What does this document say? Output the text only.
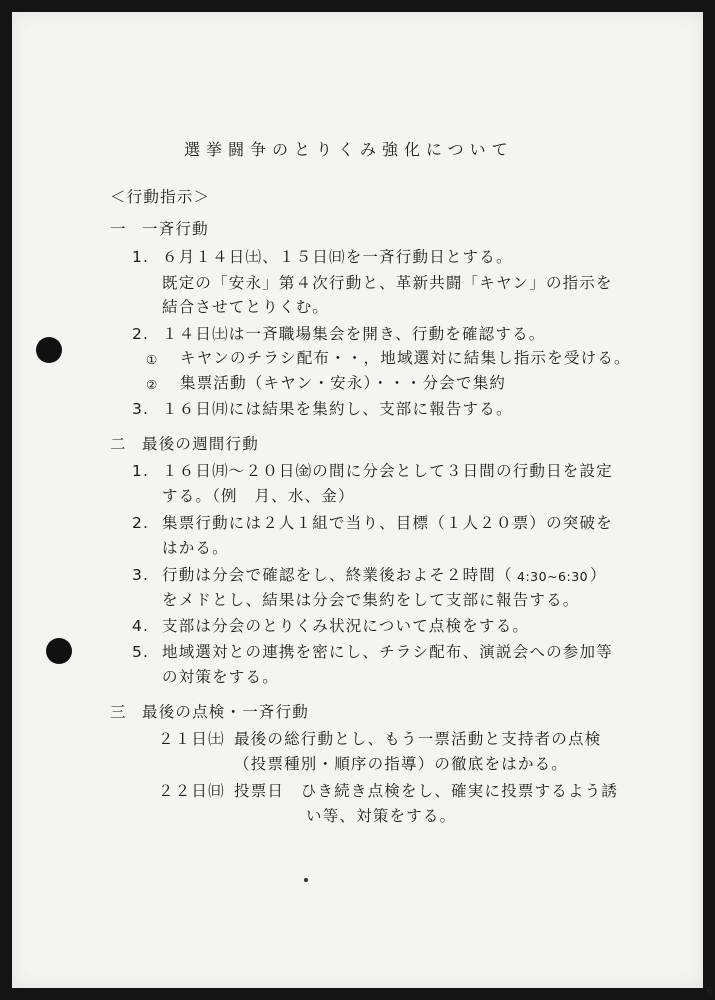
選挙闘争のとりくみ強化について
＜行動指示＞
一 一斉行動
1. ６月１４日㈯、１５日㈰を一斉行動日とする。
既定の「安永」第４次行動と、革新共闘「キヤン」の指示を
結合させてとりくむ。
2. １４日㈯は一斉職場集会を開き、行動を確認する。
① キヤンのチラシ配布・・，地域選対に結集し指示を受ける。
② 集票活動（キヤン・安永）・・・分会で集約
3. １６日㈪には結果を集約し、支部に報告する。
二 最後の週間行動
1. １６日㈪～２０日㈮の間に分会として３日間の行動日を設定
する。（例　月、水、金）
2. 集票行動には２人１組で当り、目標（１人２０票）の突破を
はかる。
3. 行動は分会で確認をし、終業後およそ２時間（ 4:30~6:30 ）
をメドとし、結果は分会で集約をして支部に報告する。
4. 支部は分会のとりくみ状況について点検をする。
5. 地域選対との連携を密にし、チラシ配布、演説会への参加等
の対策をする。
三 最後の点検・一斉行動
２１日㈯ 最後の総行動とし、もう一票活動と支持者の点検
（投票種別・順序の指導）の徹底をはかる。
２２日㈰ 投票日　ひき続き点検をし、確実に投票するよう誘
い等、対策をする。
6
